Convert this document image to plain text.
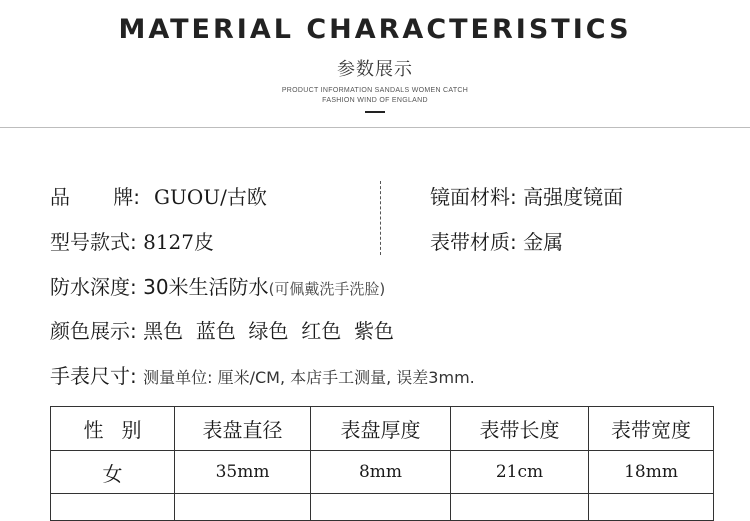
MATERIAL CHARACTERISTICS
参数展示
PRODUCT INFORMATION SANDALS WOMEN CATCH
FASHION WIND OF ENGLAND
品 牌: GUOU/古欧
型号款式: 8127皮
镜面材料: 高强度镜面
表带材质: 金属
防水深度: 30米生活防水(可佩戴洗手洗脸)
颜色展示: 黑色  蓝色  绿色  红色  紫色
手表尺寸: 测量单位: 厘米/CM, 本店手工测量, 误差3mm.
性别	表盘直径	表盘厚度	表带长度	表带宽度
女	35mm	8mm	21cm	18mm
